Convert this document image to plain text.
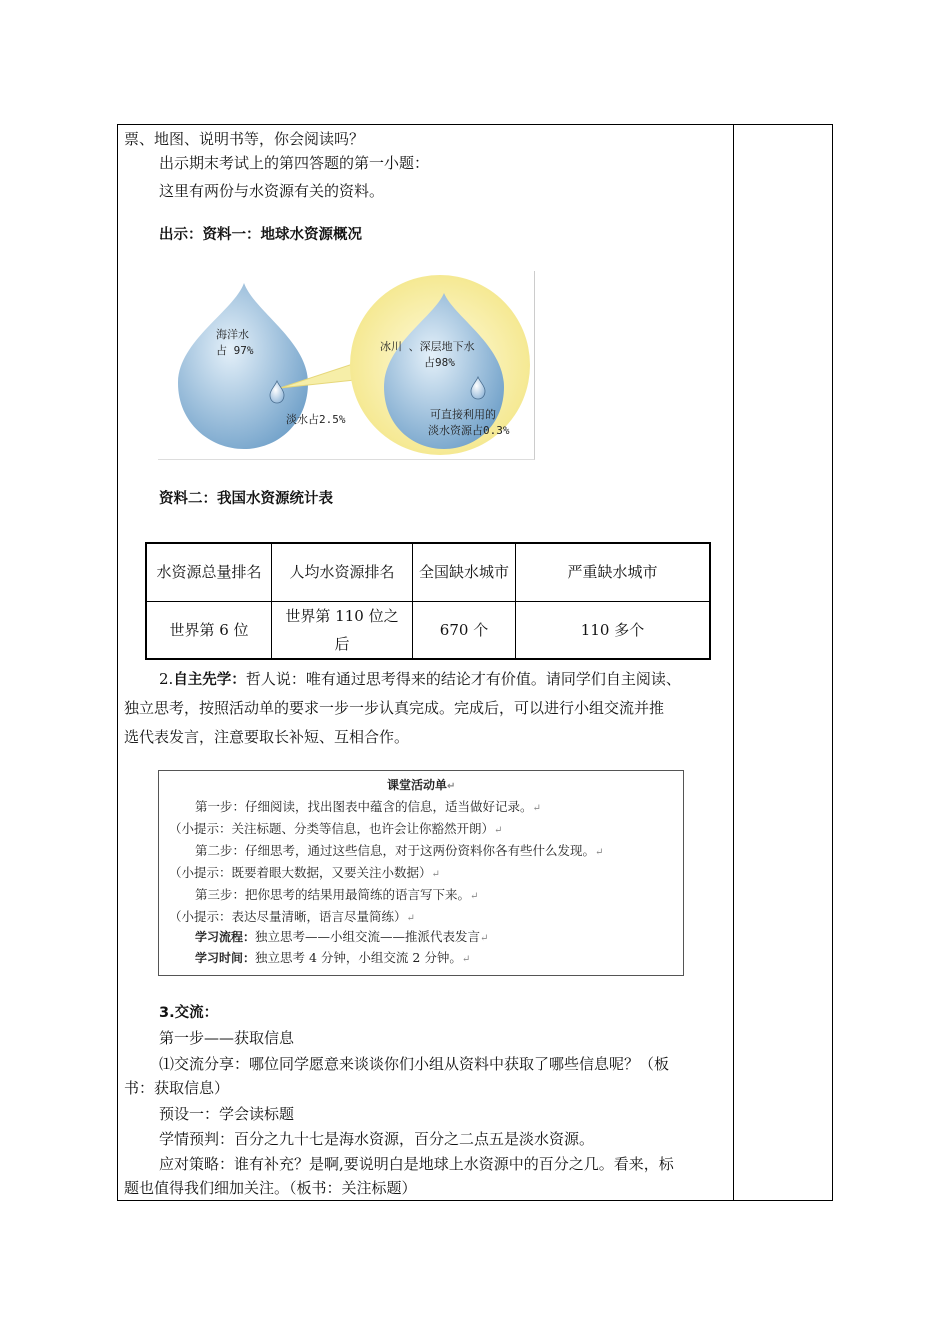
票、地图、说明书等，你会阅读吗？
出示期末考试上的第四答题的第一小题：
这里有两份与水资源有关的资料。
出示：资料一：地球水资源概况
海洋水
占 97%
淡水占2.5%
冰川 、深层地下水
占98%
可直接利用的
淡水资源占0.3%
资料二：我国水资源统计表
水资源总量排名	人均水资源排名	全国缺水城市	严重缺水城市
世界第 6 位	世界第 110 位之后	670 个	110 多个
2.自主先学：哲人说：唯有通过思考得来的结论才有价值。请同学们自主阅读、
独立思考，按照活动单的要求一步一步认真完成。完成后，可以进行小组交流并推
选代表发言，注意要取长补短、互相合作。
课堂活动单↵
第一步：仔细阅读，找出图表中蕴含的信息，适当做好记录。↵
（小提示：关注标题、分类等信息，也许会让你豁然开朗）↵
第二步：仔细思考，通过这些信息，对于这两份资料你各有些什么发现。↵
（小提示：既要着眼大数据，又要关注小数据）↵
第三步：把你思考的结果用最简练的语言写下来。↵
（小提示：表达尽量清晰，语言尽量简练）↵
学习流程：独立思考——小组交流——推派代表发言↵
学习时间：独立思考 4 分钟，小组交流 2 分钟。↵
3.交流：
第一步——获取信息
⑴交流分享：哪位同学愿意来谈谈你们小组从资料中获取了哪些信息呢？（板
书：获取信息）
预设一：学会读标题
学情预判：百分之九十七是海水资源，百分之二点五是淡水资源。
应对策略：谁有补充？是啊,要说明白是地球上水资源中的百分之几。看来，标
题也值得我们细加关注。（板书：关注标题）
